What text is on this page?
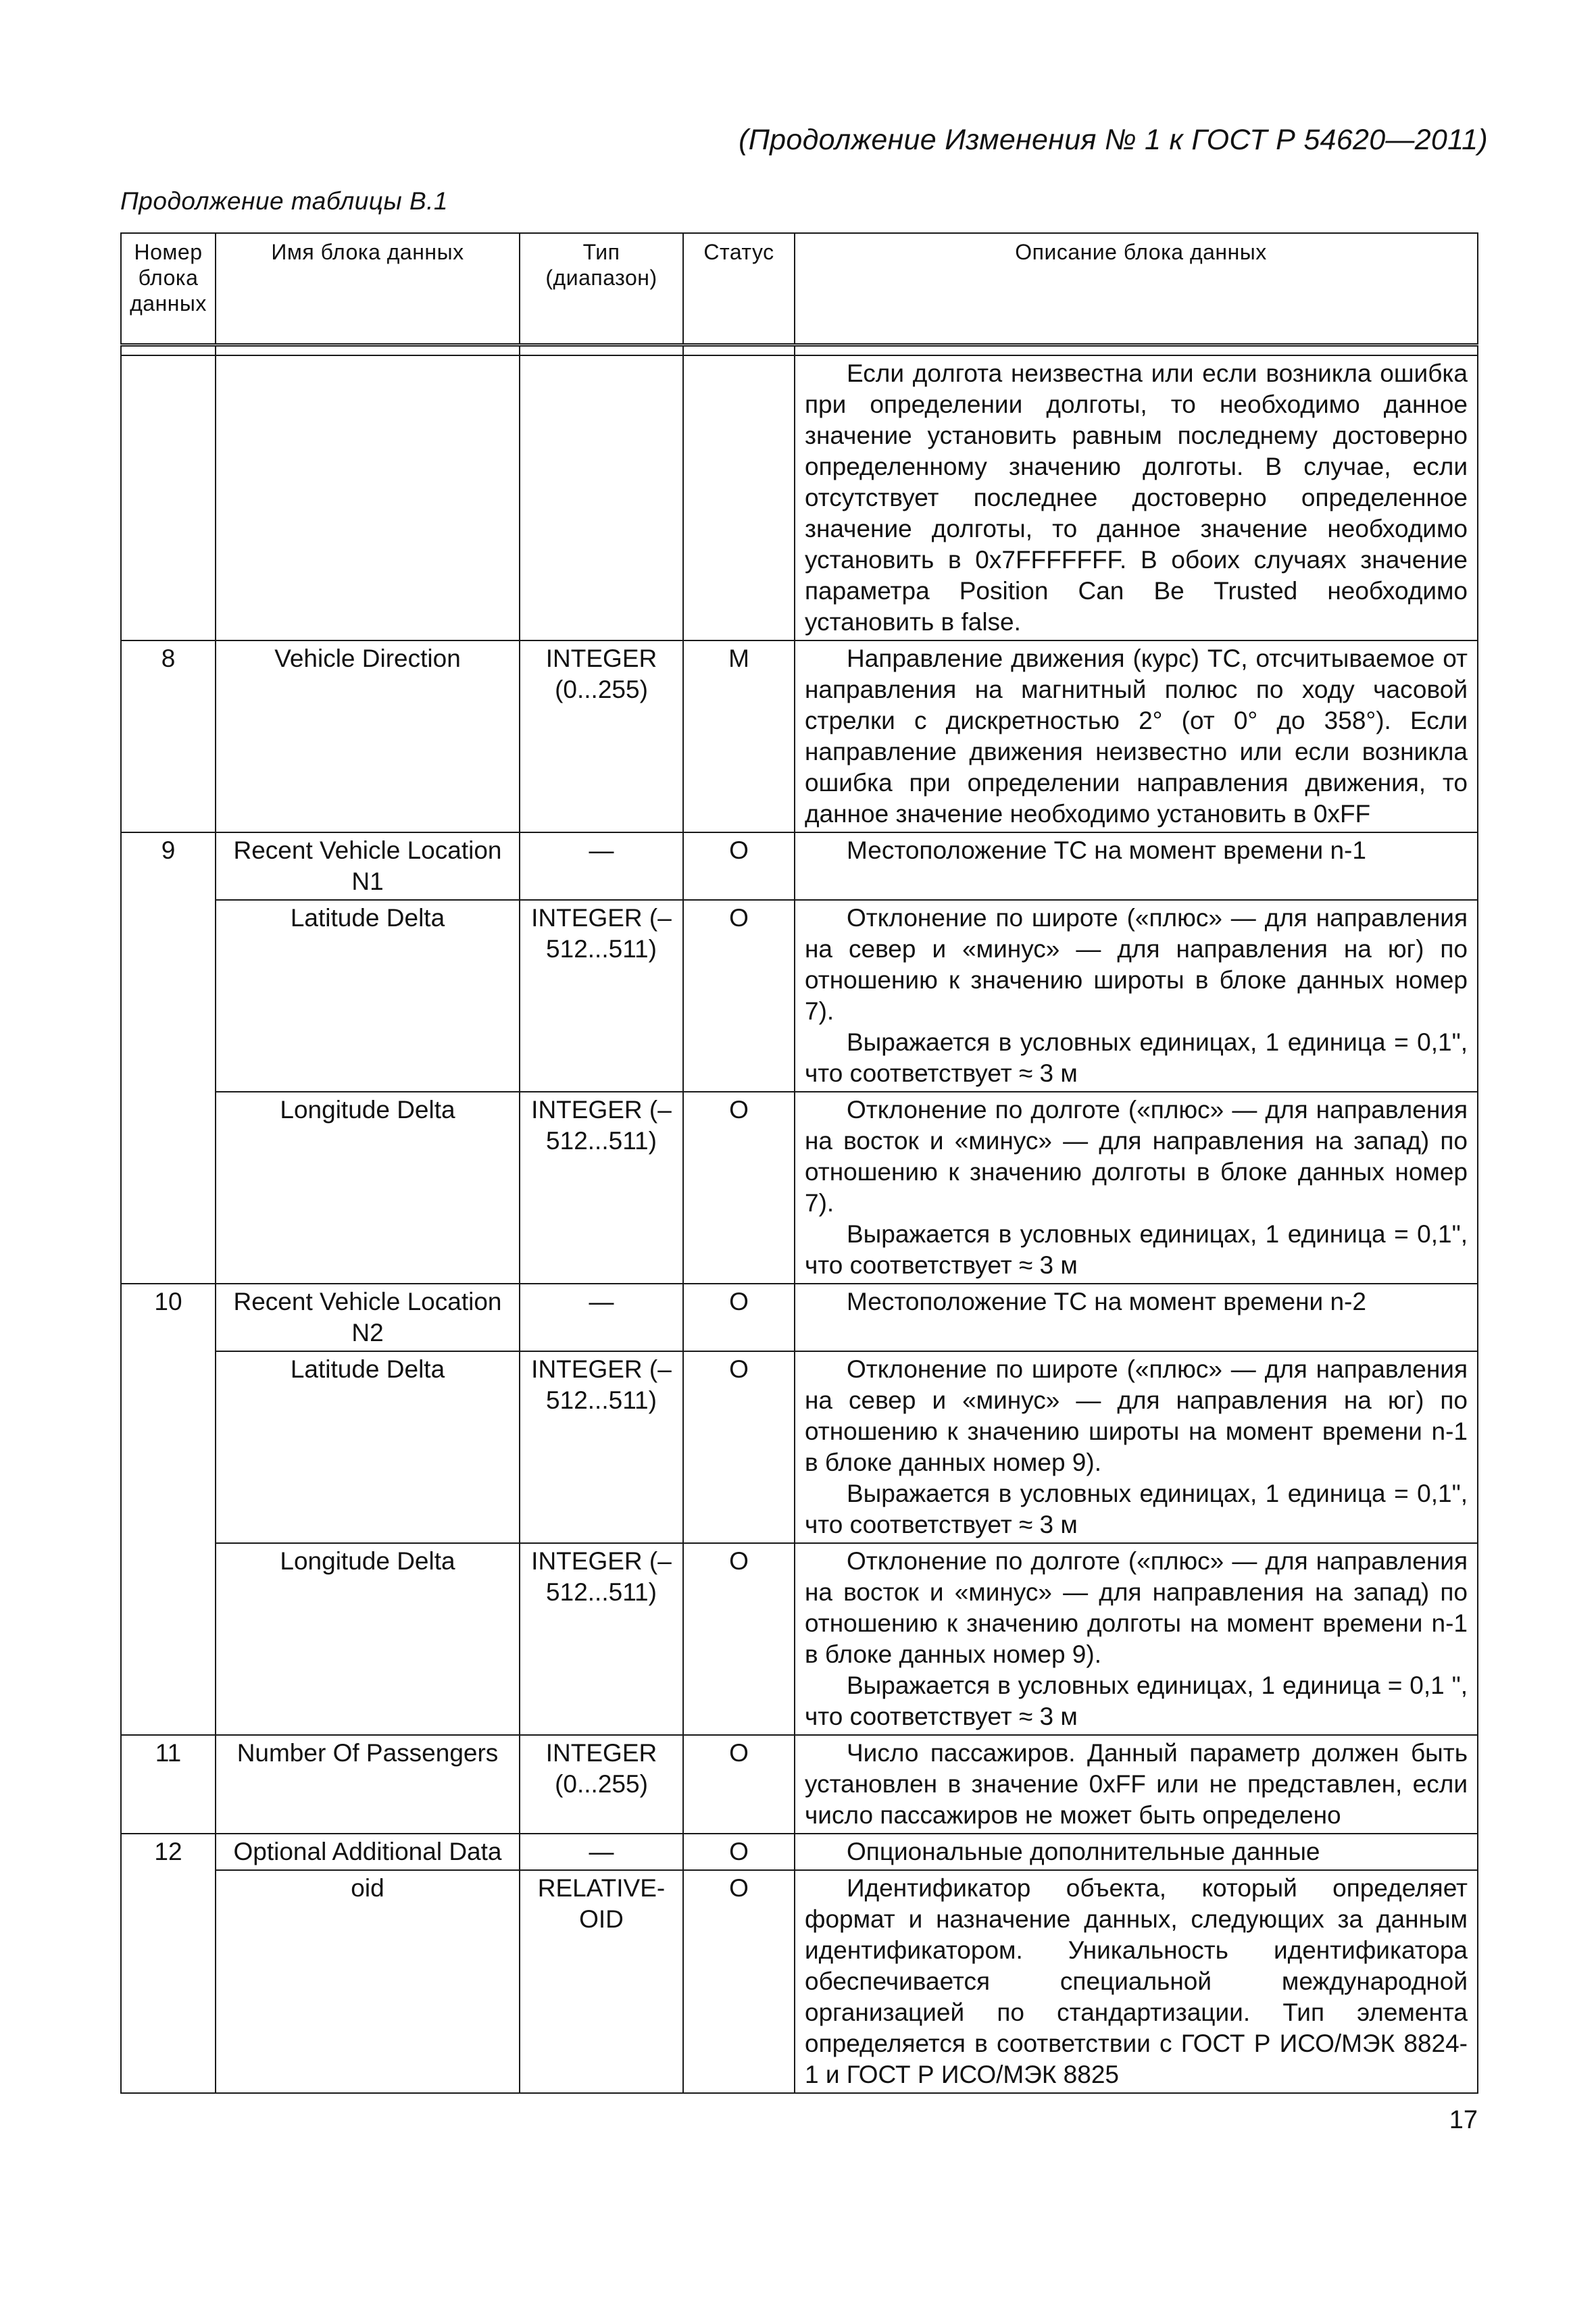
(Продолжение Изменения № 1 к ГОСТ Р 54620—2011)
Продолжение таблицы В.1
Номер блока данных	Имя блока данных	Тип (диапазон)	Статус	Описание блока данных

				Если долгота неизвестна или если возникла ошибка при определении долготы, то необходимо данное значение установить равным последнему достоверно определенному значению долготы. В случае, если отсутствует последнее достоверно определенное значение долготы, то данное значение необходимо установить в 0x7FFFFFFF. В обоих случаях значение параметра Position Can Be Trusted необходимо установить в false.

8	Vehicle Direction	INTEGER (0...255)	M	Направление движения (курс) ТС, отсчитываемое от направления на магнитный полюс по ходу часовой стрелки с дискретностью 2° (от 0° до 358°). Если направление движения неизвестно или если возникла ошибка при определении направления движения, то данное значение необходимо установить в 0xFF

9	Recent Vehicle Location N1	—	O	Местоположение ТС на момент времени n-1

	Latitude Delta	INTEGER (–512...511)	O	Отклонение по широте («плюс» — для направления на север и «минус» — для направления на юг) по отношению к значению широты в блоке данных номер 7).

Выражается в условных единицах, 1 единица = 0,1", что соответствует ≈ 3 м

	Longitude Delta	INTEGER (–512...511)	O	Отклонение по долготе («плюс» — для направления на восток и «минус» — для направления на запад) по отношению к значению долготы в блоке данных номер 7).

Выражается в условных единицах, 1 единица = 0,1", что соответствует ≈ 3 м

10	Recent Vehicle Location N2	—	O	Местоположение ТС на момент времени n-2

	Latitude Delta	INTEGER (–512...511)	O	Отклонение по широте («плюс» — для направления на север и «минус» — для направления на юг) по отношению к значению широты на момент времени n-1 в блоке данных номер 9).

Выражается в условных единицах, 1 единица = 0,1", что соответствует ≈ 3 м

	Longitude Delta	INTEGER (–512...511)	O	Отклонение по долготе («плюс» — для направления на восток и «минус» — для направления на запад) по отношению к значению долготы на момент времени n-1 в блоке данных номер 9).

Выражается в условных единицах, 1 единица = 0,1 ", что соответствует ≈ 3 м

11	Number Of Passengers	INTEGER (0...255)	O	Число пассажиров. Данный параметр должен быть установлен в значение 0xFF или не представлен, если число пассажиров не может быть определено

12	Optional Additional Data	—	O	Опциональные дополнительные данные

	oid	RELATIVE-OID	O	Идентификатор объекта, который определяет формат и назначение данных, следующих за данным идентификатором. Уникальность идентификатора обеспечивается специальной международной организацией по стандартизации. Тип элемента определяется в соответствии с ГОСТ Р ИСО/МЭК 8824-1 и ГОСТ Р ИСО/МЭК 8825

17
